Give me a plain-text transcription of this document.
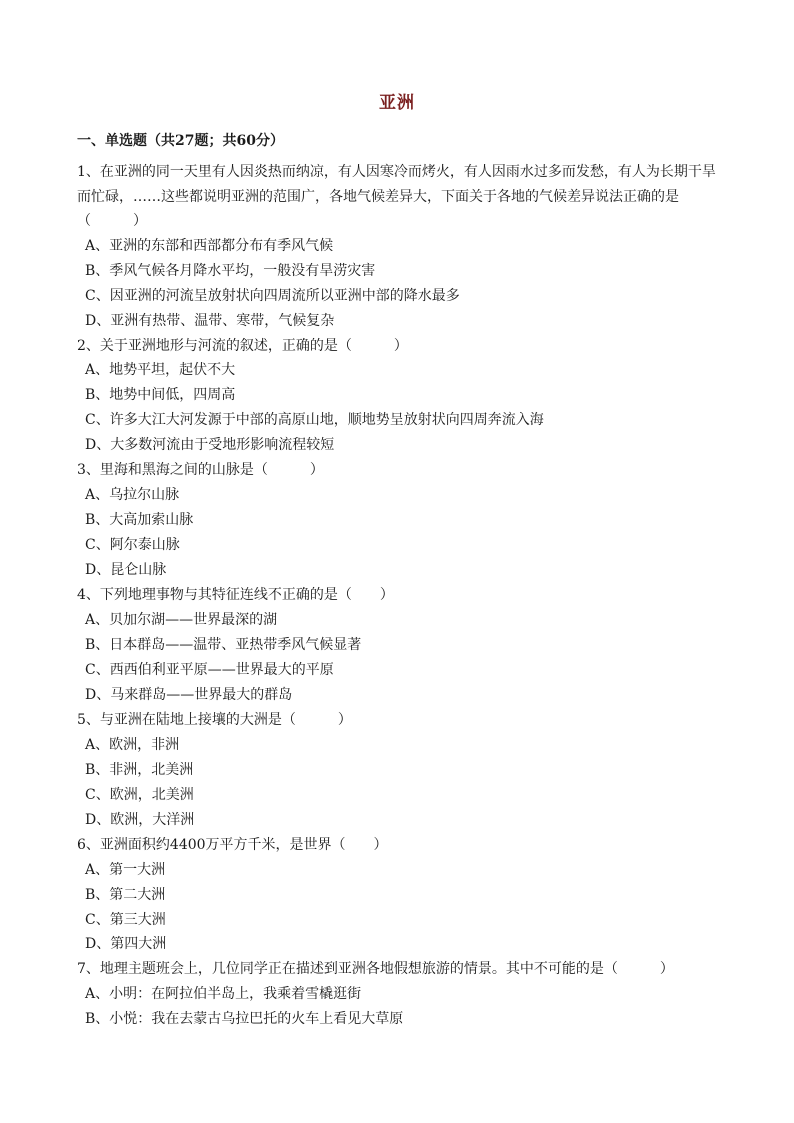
亚洲
一、单选题（共27题；共60分）
1、在亚洲的同一天里有人因炎热而纳凉，有人因寒冷而烤火，有人因雨水过多而发愁，有人为长期干旱而忙碌，……这些都说明亚洲的范围广，各地气候差异大，下面关于各地的气候差异说法正确的是（　　　）
A、亚洲的东部和西部都分布有季风气候
B、季风气候各月降水平均，一般没有旱涝灾害
C、因亚洲的河流呈放射状向四周流所以亚洲中部的降水最多
D、亚洲有热带、温带、寒带，气候复杂
2、关于亚洲地形与河流的叙述，正确的是（　　　）
A、地势平坦，起伏不大
B、地势中间低，四周高
C、许多大江大河发源于中部的高原山地，顺地势呈放射状向四周奔流入海
D、大多数河流由于受地形影响流程较短
3、里海和黑海之间的山脉是（　　　）
A、乌拉尔山脉
B、大高加索山脉
C、阿尔泰山脉
D、昆仑山脉
4、下列地理事物与其特征连线不正确的是（　　）
A、贝加尔湖——世界最深的湖
B、日本群岛——温带、亚热带季风气候显著
C、西西伯利亚平原——世界最大的平原
D、马来群岛——世界最大的群岛
5、与亚洲在陆地上接壤的大洲是（　　　）
A、欧洲，非洲
B、非洲，北美洲
C、欧洲，北美洲
D、欧洲，大洋洲
6、亚洲面积约4400万平方千米，是世界（　　）
A、第一大洲
B、第二大洲
C、第三大洲
D、第四大洲
7、地理主题班会上，几位同学正在描述到亚洲各地假想旅游的情景。其中不可能的是（　　　）
A、小明：在阿拉伯半岛上，我乘着雪橇逛街
B、小悦：我在去蒙古乌拉巴托的火车上看见大草原
